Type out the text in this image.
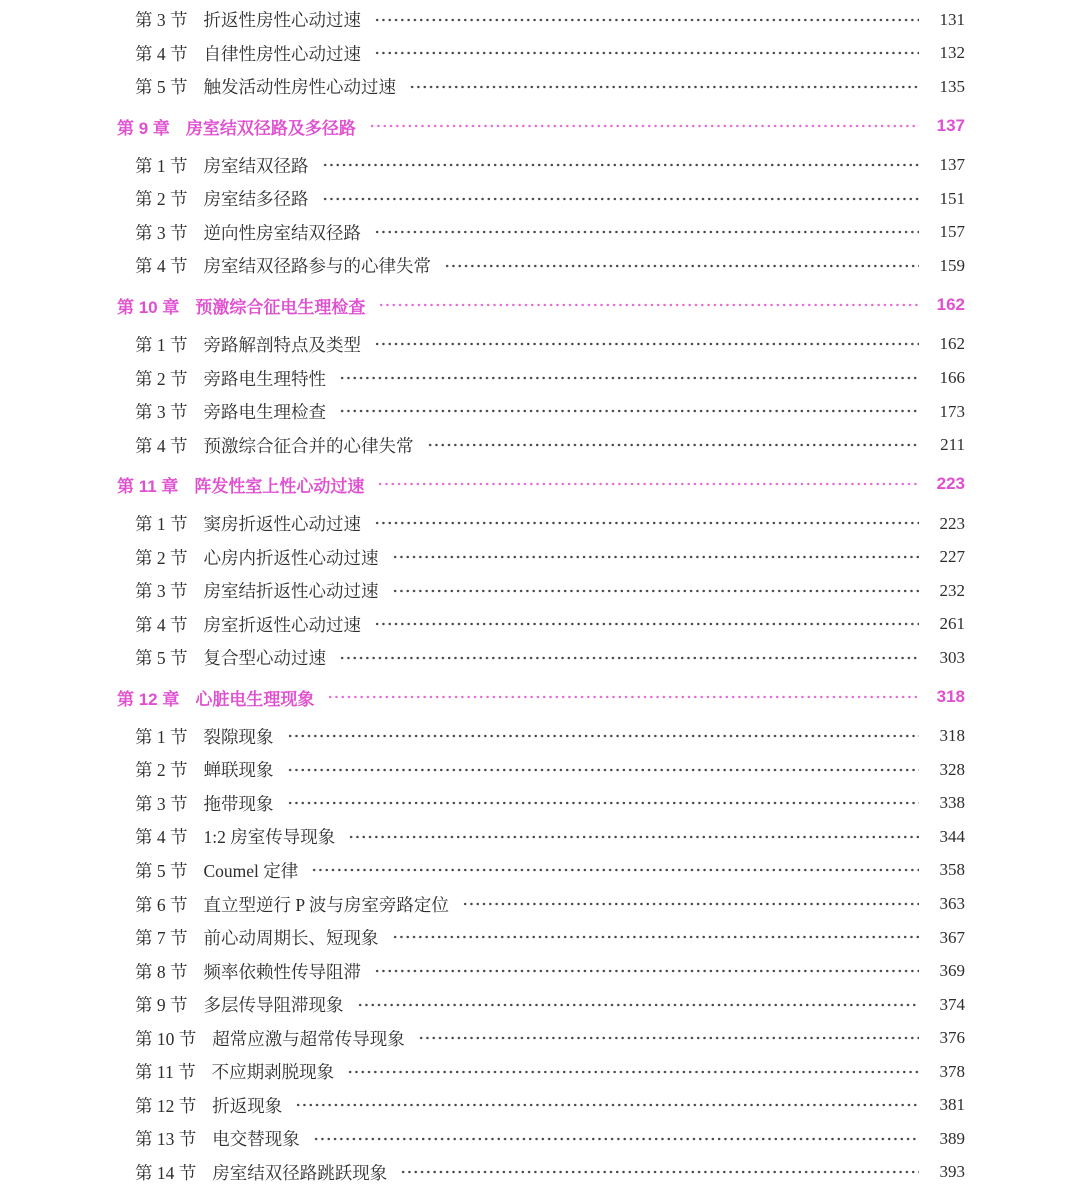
第 3 节 折返性房性心动过速	131
第 4 节 自律性房性心动过速	132
第 5 节 触发活动性房性心动过速	135
第 9 章 房室结双径路及多径路	137
第 1 节 房室结双径路	137
第 2 节 房室结多径路	151
第 3 节 逆向性房室结双径路	157
第 4 节 房室结双径路参与的心律失常	159
第 10 章 预激综合征电生理检查	162
第 1 节 旁路解剖特点及类型	162
第 2 节 旁路电生理特性	166
第 3 节 旁路电生理检查	173
第 4 节 预激综合征合并的心律失常	211
第 11 章 阵发性室上性心动过速	223
第 1 节 窦房折返性心动过速	223
第 2 节 心房内折返性心动过速	227
第 3 节 房室结折返性心动过速	232
第 4 节 房室折返性心动过速	261
第 5 节 复合型心动过速	303
第 12 章 心脏电生理现象	318
第 1 节 裂隙现象	318
第 2 节 蝉联现象	328
第 3 节 拖带现象	338
第 4 节 1:2 房室传导现象	344
第 5 节 Coumel 定律	358
第 6 节 直立型逆行 P 波与房室旁路定位	363
第 7 节 前心动周期长、短现象	367
第 8 节 频率依赖性传导阻滞	369
第 9 节 多层传导阻滞现象	374
第 10 节 超常应激与超常传导现象	376
第 11 节 不应期剥脱现象	378
第 12 节 折返现象	381
第 13 节 电交替现象	389
第 14 节 房室结双径路跳跃现象	393
